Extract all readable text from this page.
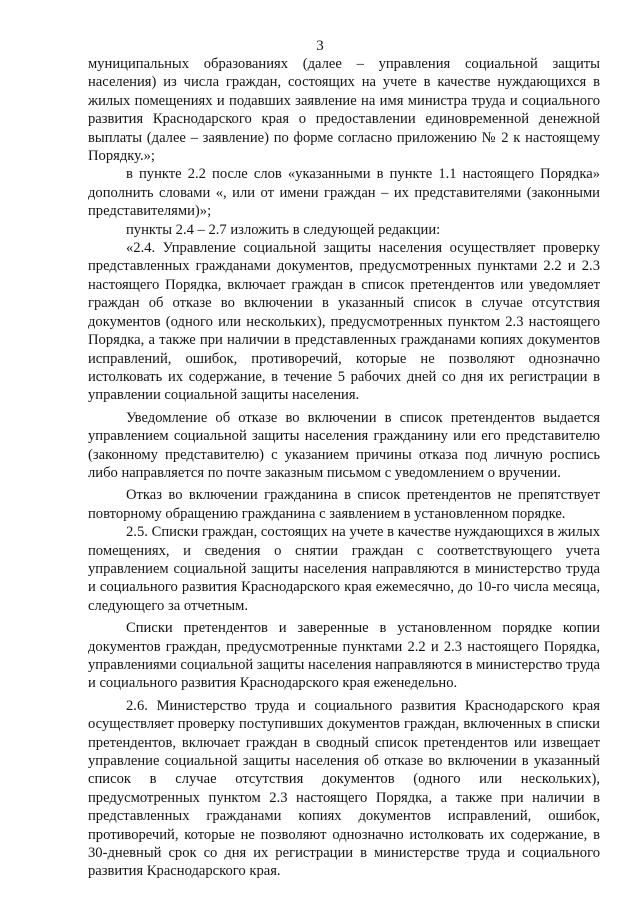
3

муниципальных образованиях (далее – управления социальной защиты населения) из числа граждан, состоящих на учете в качестве нуждающихся в жилых помещениях и подавших заявление на имя министра труда и социального развития Краснодарского края о предоставлении единовременной денежной выплаты (далее – заявление) по форме согласно приложению № 2 к настоящему Порядку.»;

в пункте 2.2 после слов «указанными в пункте 1.1 настоящего Порядка» дополнить словами «, или от имени граждан – их представителями (законными представителями)»;

пункты 2.4 – 2.7 изложить в следующей редакции:

«2.4. Управление социальной защиты населения осуществляет проверку представленных гражданами документов, предусмотренных пунктами 2.2 и 2.3 настоящего Порядка, включает граждан в список претендентов или уведомляет граждан об отказе во включении в указанный список в случае отсутствия документов (одного или нескольких), предусмотренных пунктом 2.3 настоящего Порядка, а также при наличии в представленных гражданами копиях документов исправлений, ошибок, противоречий, которые не позволяют однозначно истолковать их содержание, в течение 5 рабочих дней со дня их регистрации в управлении социальной защиты населения.

Уведомление об отказе во включении в список претендентов выдается управлением социальной защиты населения гражданину или его представителю (законному представителю) с указанием причины отказа под личную роспись либо направляется по почте заказным письмом с уведомлением о вручении.

Отказ во включении гражданина в список претендентов не препятствует повторному обращению гражданина с заявлением в установленном порядке.

2.5. Списки граждан, состоящих на учете в качестве нуждающихся в жилых помещениях, и сведения о снятии граждан с соответствующего учета управлением социальной защиты населения направляются в министерство труда и социального развития Краснодарского края ежемесячно, до 10-го числа месяца, следующего за отчетным.

Списки претендентов и заверенные в установленном порядке копии документов граждан, предусмотренные пунктами 2.2 и 2.3 настоящего Порядка, управлениями социальной защиты населения направляются в министерство труда и социального развития Краснодарского края еженедельно.

2.6. Министерство труда и социального развития Краснодарского края осуществляет проверку поступивших документов граждан, включенных в списки претендентов, включает граждан в сводный список претендентов или извещает управление социальной защиты населения об отказе во включении в указанный список в случае отсутствия документов (одного или нескольких), предусмотренных пунктом 2.3 настоящего Порядка, а также при наличии в представленных гражданами копиях документов исправлений, ошибок, противоречий, которые не позволяют однозначно истолковать их содержание, в 30-дневный срок со дня их регистрации в министерстве труда и социального развития Краснодарского края.
